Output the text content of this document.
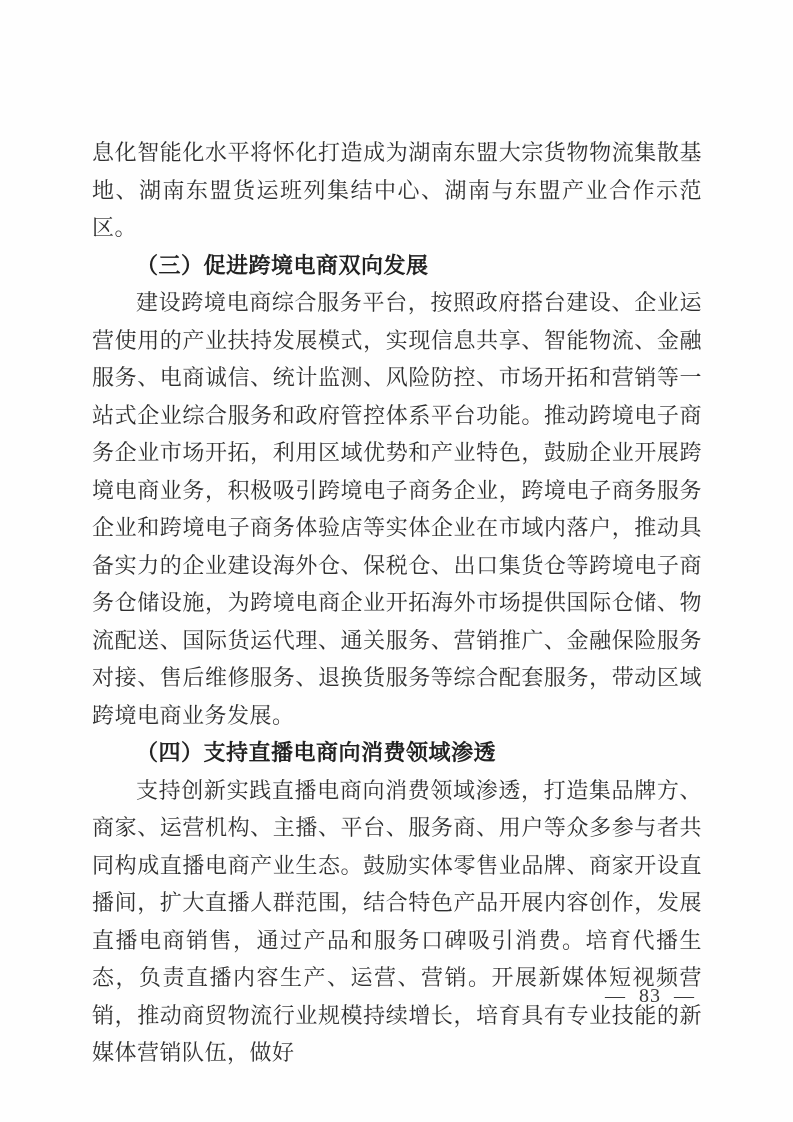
息化智能化水平将怀化打造成为湖南东盟大宗货物物流集散基地、湖南东盟货运班列集结中心、湖南与东盟产业合作示范区。

（三）促进跨境电商双向发展

建设跨境电商综合服务平台，按照政府搭台建设、企业运营使用的产业扶持发展模式，实现信息共享、智能物流、金融服务、电商诚信、统计监测、风险防控、市场开拓和营销等一站式企业综合服务和政府管控体系平台功能。推动跨境电子商务企业市场开拓，利用区域优势和产业特色，鼓励企业开展跨境电商业务，积极吸引跨境电子商务企业，跨境电子商务服务企业和跨境电子商务体验店等实体企业在市域内落户，推动具备实力的企业建设海外仓、保税仓、出口集货仓等跨境电子商务仓储设施，为跨境电商企业开拓海外市场提供国际仓储、物流配送、国际货运代理、通关服务、营销推广、金融保险服务对接、售后维修服务、退换货服务等综合配套服务，带动区域跨境电商业务发展。

（四）支持直播电商向消费领域渗透

支持创新实践直播电商向消费领域渗透，打造集品牌方、商家、运营机构、主播、平台、服务商、用户等众多参与者共同构成直播电商产业生态。鼓励实体零售业品牌、商家开设直播间，扩大直播人群范围，结合特色产品开展内容创作，发展直播电商销售，通过产品和服务口碑吸引消费。培育代播生态，负责直播内容生产、运营、营销。开展新媒体短视频营销，推动商贸物流行业规模持续增长，培育具有专业技能的新媒体营销队伍，做好

— 83 —
